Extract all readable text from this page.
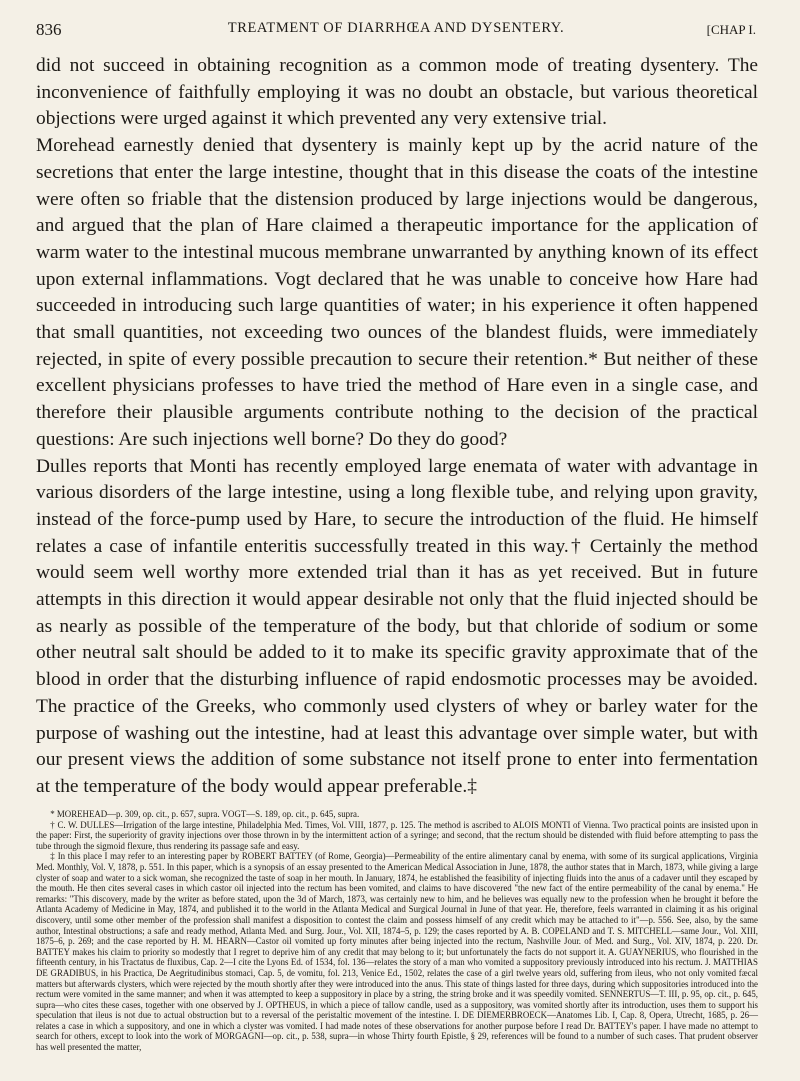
836	TREATMENT OF DIARRHŒA AND DYSENTERY.	[CHAP I.

did not succeed in obtaining recognition as a common mode of treating dysentery. The inconvenience of faithfully employing it was no doubt an obstacle, but various theoretical objections were urged against it which prevented any very extensive trial.

Morehead earnestly denied that dysentery is mainly kept up by the acrid nature of the secretions that enter the large intestine, thought that in this disease the coats of the intestine were often so friable that the distension produced by large injections would be dangerous, and argued that the plan of Hare claimed a therapeutic importance for the application of warm water to the intestinal mucous membrane unwarranted by anything known of its effect upon external inflammations. Vogt declared that he was unable to conceive how Hare had succeeded in introducing such large quantities of water; in his experience it often happened that small quantities, not exceeding two ounces of the blandest fluids, were immediately rejected, in spite of every possible precaution to secure their retention.* But neither of these excellent physicians professes to have tried the method of Hare even in a single case, and therefore their plausible arguments contribute nothing to the decision of the practical questions: Are such injections well borne? Do they do good?

Dulles reports that Monti has recently employed large enemata of water with advantage in various disorders of the large intestine, using a long flexible tube, and relying upon gravity, instead of the force-pump used by Hare, to secure the introduction of the fluid. He himself relates a case of infantile enteritis successfully treated in this way.† Certainly the method would seem well worthy more extended trial than it has as yet received. But in future attempts in this direction it would appear desirable not only that the fluid injected should be as nearly as possible of the temperature of the body, but that chloride of sodium or some other neutral salt should be added to it to make its specific gravity approximate that of the blood in order that the disturbing influence of rapid endosmotic processes may be avoided. The practice of the Greeks, who commonly used clysters of whey or barley water for the purpose of washing out the intestine, had at least this advantage over simple water, but with our present views the addition of some substance not itself prone to enter into fermentation at the temperature of the body would appear preferable.‡

* MOREHEAD—p. 309, op. cit., p. 657, supra. VOGT—S. 189, op. cit., p. 645, supra.

† C. W. DULLES—Irrigation of the large intestine, Philadelphia Med. Times, Vol. VIII, 1877, p. 125. The method is ascribed to ALOIS MONTI of Vienna. Two practical points are insisted upon in the paper: First, the superiority of gravity injections over those thrown in by the intermittent action of a syringe; and second, that the rectum should be distended with fluid before attempting to pass the tube through the sigmoid flexure, thus rendering its passage safe and easy.

‡ In this place I may refer to an interesting paper by ROBERT BATTEY (of Rome, Georgia)—Permeability of the entire alimentary canal by enema, with some of its surgical applications, Virginia Med. Monthly, Vol. V, 1878, p. 551. In this paper, which is a synopsis of an essay presented to the American Medical Association in June, 1878, the author states that in March, 1873, while giving a large clyster of soap and water to a sick woman, she recognized the taste of soap in her mouth. In January, 1874, he established the feasibility of injecting fluids into the anus of a cadaver until they escaped by the mouth. He then cites several cases in which castor oil injected into the rectum has been vomited, and claims to have discovered "the new fact of the entire permeability of the canal by enema." He remarks: "This discovery, made by the writer as before stated, upon the 3d of March, 1873, was certainly new to him, and he believes was equally new to the profession when he brought it before the Atlanta Academy of Medicine in May, 1874, and published it to the world in the Atlanta Medical and Surgical Journal in June of that year. He, therefore, feels warranted in claiming it as his original discovery, until some other member of the profession shall manifest a disposition to contest the claim and possess himself of any credit which may be attached to it"—p. 556. See, also, by the same author, Intestinal obstructions; a safe and ready method, Atlanta Med. and Surg. Jour., Vol. XII, 1874–5, p. 129; the cases reported by A. B. COPELAND and T. S. MITCHELL—same Jour., Vol. XIII, 1875–6, p. 269; and the case reported by H. M. HEARN—Castor oil vomited up forty minutes after being injected into the rectum, Nashville Jour. of Med. and Surg., Vol. XIV, 1874, p. 220. Dr. BATTEY makes his claim to priority so modestly that I regret to deprive him of any credit that may belong to it; but unfortunately the facts do not support it. A. GUAYNERIUS, who flourished in the fifteenth century, in his Tractatus de fluxibus, Cap. 2—I cite the Lyons Ed. of 1534, fol. 136—relates the story of a man who vomited a suppository previously introduced into his rectum. J. MATTHIAS DE GRADIBUS, in his Practica, De Aegritudinibus stomaci, Cap. 5, de vomitu, fol. 213, Venice Ed., 1502, relates the case of a girl twelve years old, suffering from ileus, who not only vomited fæcal matters but afterwards clysters, which were rejected by the mouth shortly after they were introduced into the anus. This state of things lasted for three days, during which suppositories introduced into the rectum were vomited in the same manner; and when it was attempted to keep a suppository in place by a string, the string broke and it was speedily vomited. SENNERTUS—T. III, p. 95, op. cit., p. 645, supra—who cites these cases, together with one observed by J. OPTHEUS, in which a piece of tallow candle, used as a suppository, was vomited shortly after its introduction, uses them to support his speculation that ileus is not due to actual obstruction but to a reversal of the peristaltic movement of the intestine. I. DE DIEMERBROECK—Anatomes Lib. I, Cap. 8, Opera, Utrecht, 1685, p. 26—relates a case in which a suppository, and one in which a clyster was vomited. I had made notes of these observations for another purpose before I read Dr. BATTEY's paper. I have made no attempt to search for others, except to look into the work of MORGAGNI—op. cit., p. 538, supra—in whose Thirty fourth Epistle, § 29, references will be found to a number of such cases. That prudent observer has well presented the matter,
